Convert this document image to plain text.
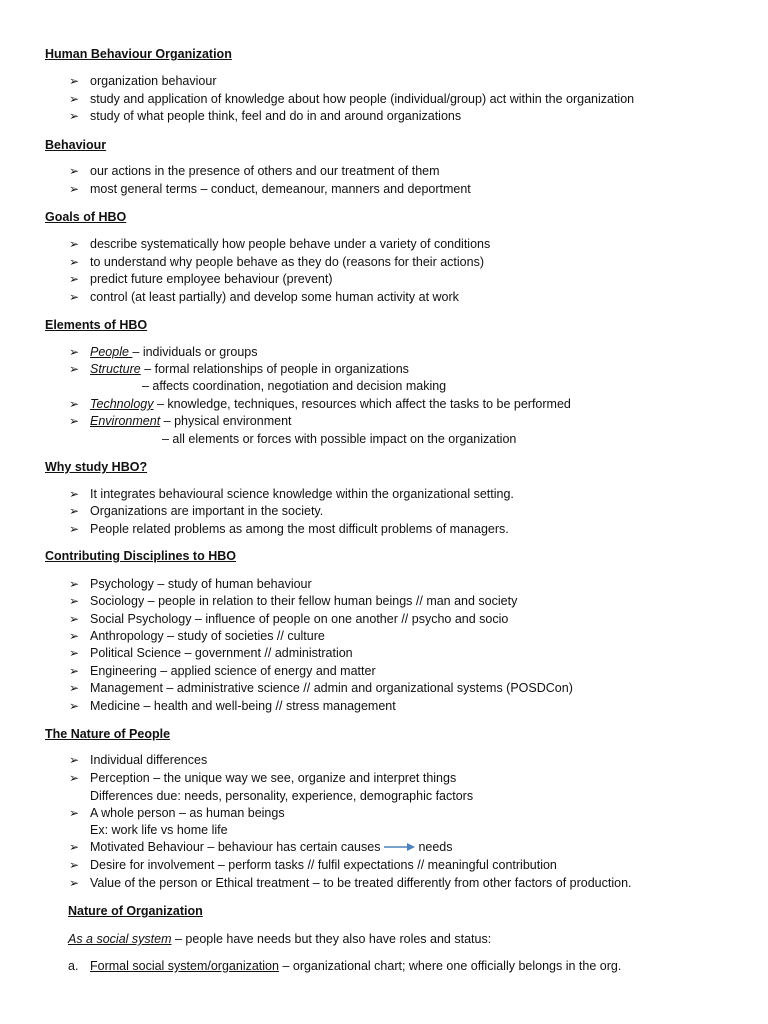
Human Behaviour Organization
➢ organization behaviour
➢ study and application of knowledge about how people (individual/group) act within the organization
➢ study of what people think, feel and do in and around organizations
Behaviour
➢ our actions in the presence of others and our treatment of them
➢ most general terms – conduct, demeanour, manners and deportment
Goals of HBO
➢ describe systematically how people behave under a variety of conditions
➢ to understand why people behave as they do (reasons for their actions)
➢ predict future employee behaviour (prevent)
➢ control (at least partially) and develop some human activity at work
Elements of HBO
➢ People – individuals or groups
➢ Structure – formal relationships of people in organizations
– affects coordination, negotiation and decision making
➢ Technology – knowledge, techniques, resources which affect the tasks to be performed
➢ Environment – physical environment
– all elements or forces with possible impact on the organization
Why study HBO?
➢ It integrates behavioural science knowledge within the organizational setting.
➢ Organizations are important in the society.
➢ People related problems as among the most difficult problems of managers.
Contributing Disciplines to HBO
➢ Psychology – study of human behaviour
➢ Sociology – people in relation to their fellow human beings // man and society
➢ Social Psychology – influence of people on one another // psycho and socio
➢ Anthropology – study of societies // culture
➢ Political Science – government // administration
➢ Engineering – applied science of energy and matter
➢ Management – administrative science // admin and organizational systems (POSDCon)
➢ Medicine – health and well-being // stress management
The Nature of People
➢ Individual differences
➢ Perception – the unique way we see, organize and interpret things
Differences due: needs, personality, experience, demographic factors
➢ A whole person – as human beings
Ex: work life vs home life
➢ Motivated Behaviour – behaviour has certain causes	needs
➢ Desire for involvement – perform tasks // fulfil expectations // meaningful contribution
➢ Value of the person or Ethical treatment – to be treated differently from other factors of production.
Nature of Organization
As a social system – people have needs but they also have roles and status:
a. Formal social system/organization – organizational chart; where one officially belongs in the org.
